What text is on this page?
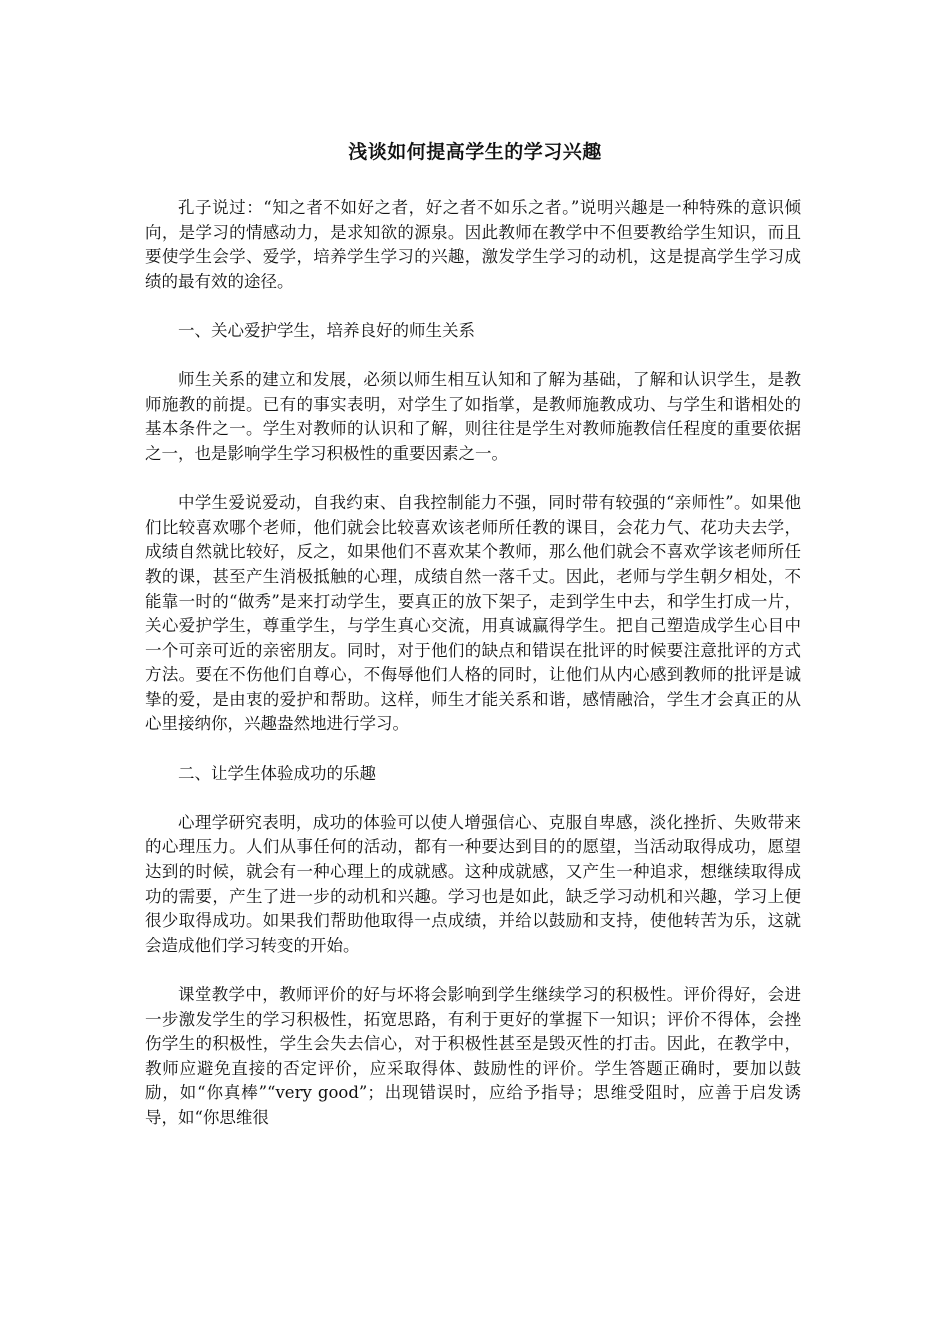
浅谈如何提高学生的学习兴趣

孔子说过：“知之者不如好之者，好之者不如乐之者。”说明兴趣是一种特殊的意识倾向，是学习的情感动力，是求知欲的源泉。因此教师在教学中不但要教给学生知识，而且要使学生会学、爱学，培养学生学习的兴趣，激发学生学习的动机，这是提高学生学习成绩的最有效的途径。

一、关心爱护学生，培养良好的师生关系

师生关系的建立和发展，必须以师生相互认知和了解为基础，了解和认识学生，是教师施教的前提。已有的事实表明，对学生了如指掌，是教师施教成功、与学生和谐相处的基本条件之一。学生对教师的认识和了解，则往往是学生对教师施教信任程度的重要依据之一，也是影响学生学习积极性的重要因素之一。

中学生爱说爱动，自我约束、自我控制能力不强，同时带有较强的“亲师性”。如果他们比较喜欢哪个老师，他们就会比较喜欢该老师所任教的课目，会花力气、花功夫去学，成绩自然就比较好，反之，如果他们不喜欢某个教师，那么他们就会不喜欢学该老师所任教的课，甚至产生消极抵触的心理，成绩自然一落千丈。因此，老师与学生朝夕相处，不能靠一时的“做秀”是来打动学生，要真正的放下架子，走到学生中去，和学生打成一片，关心爱护学生，尊重学生，与学生真心交流，用真诚赢得学生。把自己塑造成学生心目中一个可亲可近的亲密朋友。同时，对于他们的缺点和错误在批评的时候要注意批评的方式方法。要在不伤他们自尊心，不侮辱他们人格的同时，让他们从内心感到教师的批评是诚挚的爱，是由衷的爱护和帮助。这样，师生才能关系和谐，感情融洽，学生才会真正的从心里接纳你，兴趣盎然地进行学习。

二、让学生体验成功的乐趣

心理学研究表明，成功的体验可以使人增强信心、克服自卑感，淡化挫折、失败带来的心理压力。人们从事任何的活动，都有一种要达到目的的愿望，当活动取得成功，愿望达到的时候，就会有一种心理上的成就感。这种成就感，又产生一种追求，想继续取得成功的需要，产生了进一步的动机和兴趣。学习也是如此，缺乏学习动机和兴趣，学习上便很少取得成功。如果我们帮助他取得一点成绩，并给以鼓励和支持，使他转苦为乐，这就会造成他们学习转变的开始。

课堂教学中，教师评价的好与坏将会影响到学生继续学习的积极性。评价得好，会进一步激发学生的学习积极性，拓宽思路，有利于更好的掌握下一知识；评价不得体，会挫伤学生的积极性，学生会失去信心，对于积极性甚至是毁灭性的打击。因此，在教学中，教师应避免直接的否定评价，应采取得体、鼓励性的评价。学生答题正确时，要加以鼓励，如“你真棒”“very good”；出现错误时，应给予指导；思维受阻时，应善于启发诱导，如“你思维很
